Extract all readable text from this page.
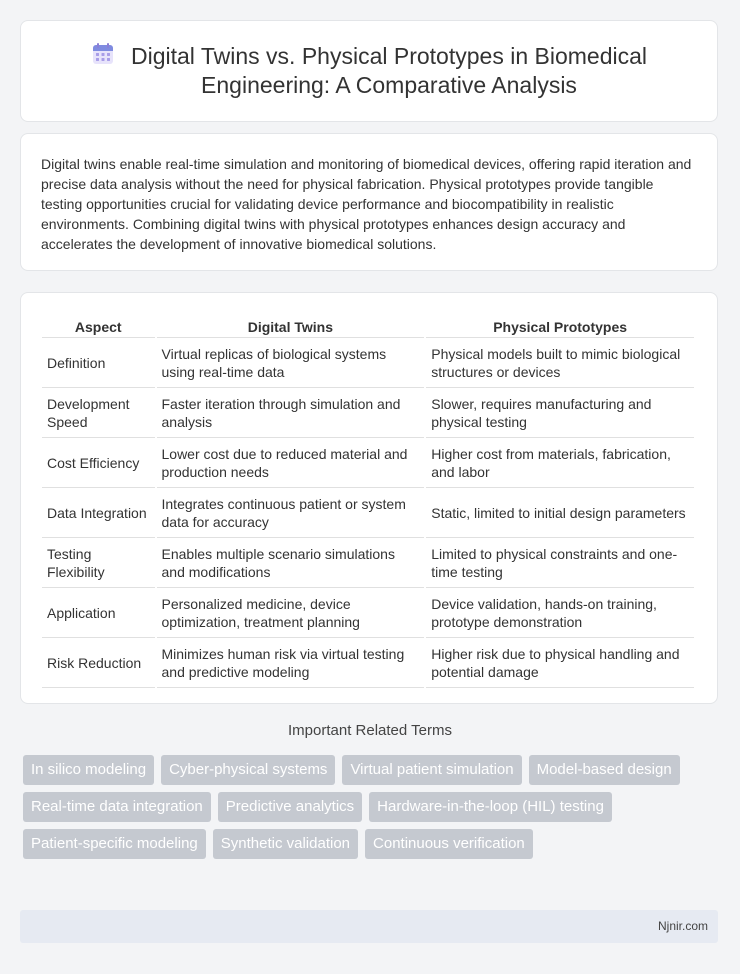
Digital Twins vs. Physical Prototypes in Biomedical
Engineering: A Comparative Analysis

Digital twins enable real-time simulation and monitoring of biomedical devices, offering rapid iteration and precise data analysis without the need for physical fabrication. Physical prototypes provide tangible testing opportunities crucial for validating device performance and biocompatibility in realistic environments. Combining digital twins with physical prototypes enhances design accuracy and accelerates the development of innovative biomedical solutions.

Aspect	Digital Twins	Physical Prototypes
Definition	Virtual replicas of biological systems using real-time data	Physical models built to mimic biological structures or devices
Development Speed	Faster iteration through simulation and analysis	Slower, requires manufacturing and physical testing
Cost Efficiency	Lower cost due to reduced material and production needs	Higher cost from materials, fabrication, and labor
Data Integration	Integrates continuous patient or system data for accuracy	Static, limited to initial design parameters
Testing Flexibility	Enables multiple scenario simulations and modifications	Limited to physical constraints and one-time testing
Application	Personalized medicine, device optimization, treatment planning	Device validation, hands-on training, prototype demonstration
Risk Reduction	Minimizes human risk via virtual testing and predictive modeling	Higher risk due to physical handling and potential damage
Important Related Terms
In silico modeling	Cyber-physical systems	Virtual patient simulation	Model-based design
Real-time data integration	Predictive analytics	Hardware-in-the-loop (HIL) testing
Patient-specific modeling	Synthetic validation	Continuous verification
Njnir.com
